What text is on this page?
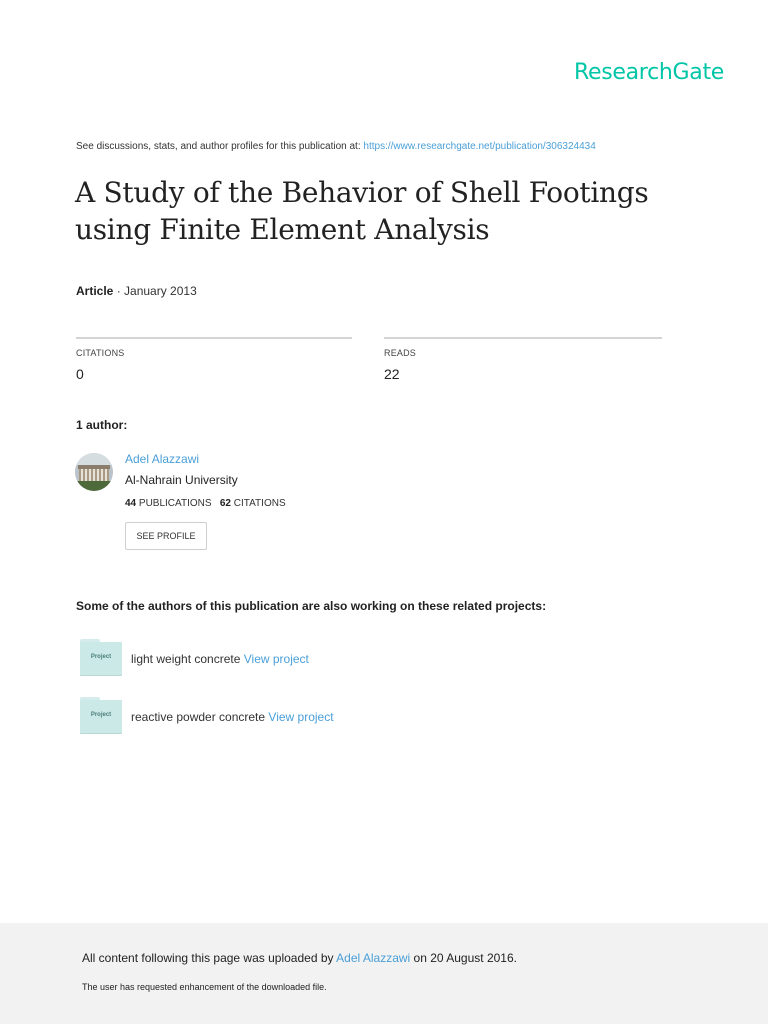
ResearchGate
See discussions, stats, and author profiles for this publication at: https://www.researchgate.net/publication/306324434
A Study of the Behavior of Shell Footings using Finite Element Analysis
Article · January 2013
CITATIONS
0
READS
22
1 author:
Adel Alazzawi
Al-Nahrain University
44 PUBLICATIONS 62 CITATIONS
SEE PROFILE
Some of the authors of this publication are also working on these related projects:
Project	light weight concrete View project
Project	reactive powder concrete View project
All content following this page was uploaded by Adel Alazzawi on 20 August 2016.
The user has requested enhancement of the downloaded file.
